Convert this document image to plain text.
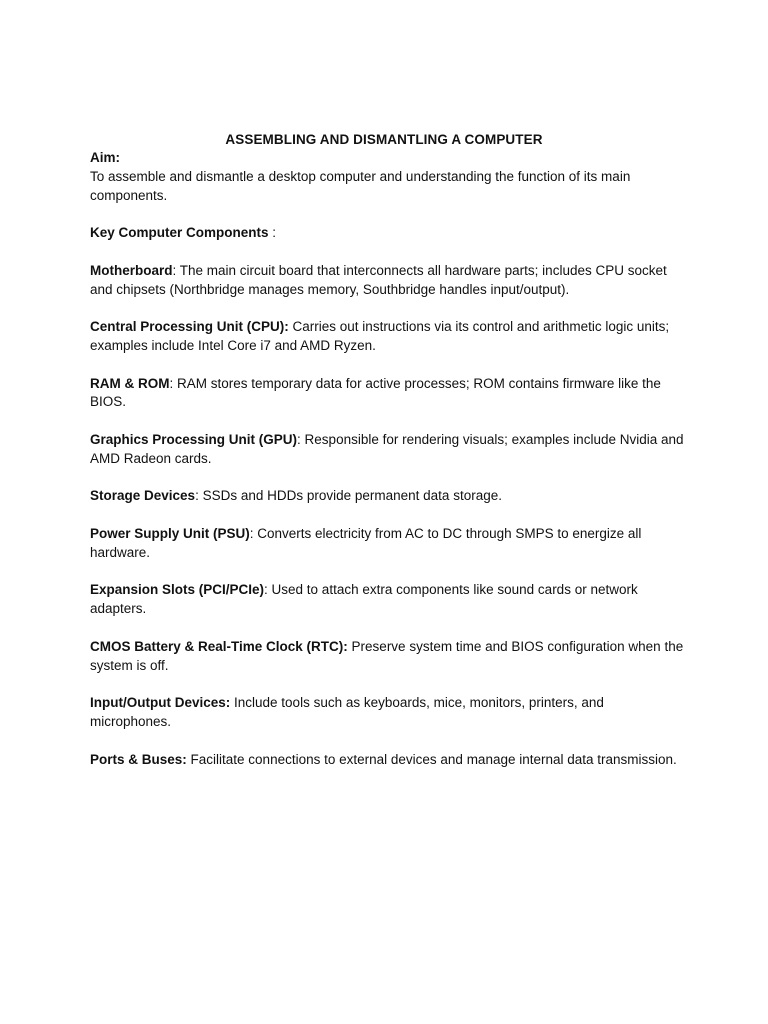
ASSEMBLING AND DISMANTLING A COMPUTER
Aim:

To assemble and dismantle a desktop computer and understanding the function of its main components.

Key Computer Components :

Motherboard: The main circuit board that interconnects all hardware parts; includes CPU socket and chipsets (Northbridge manages memory, Southbridge handles input/output).

Central Processing Unit (CPU): Carries out instructions via its control and arithmetic logic units; examples include Intel Core i7 and AMD Ryzen.

RAM & ROM: RAM stores temporary data for active processes; ROM contains firmware like the BIOS.

Graphics Processing Unit (GPU): Responsible for rendering visuals; examples include Nvidia and AMD Radeon cards.

Storage Devices: SSDs and HDDs provide permanent data storage.

Power Supply Unit (PSU): Converts electricity from AC to DC through SMPS to energize all hardware.

Expansion Slots (PCI/PCIe): Used to attach extra components like sound cards or network adapters.

CMOS Battery & Real-Time Clock (RTC): Preserve system time and BIOS configuration when the system is off.

Input/Output Devices: Include tools such as keyboards, mice, monitors, printers, and microphones.

Ports & Buses: Facilitate connections to external devices and manage internal data transmission.
